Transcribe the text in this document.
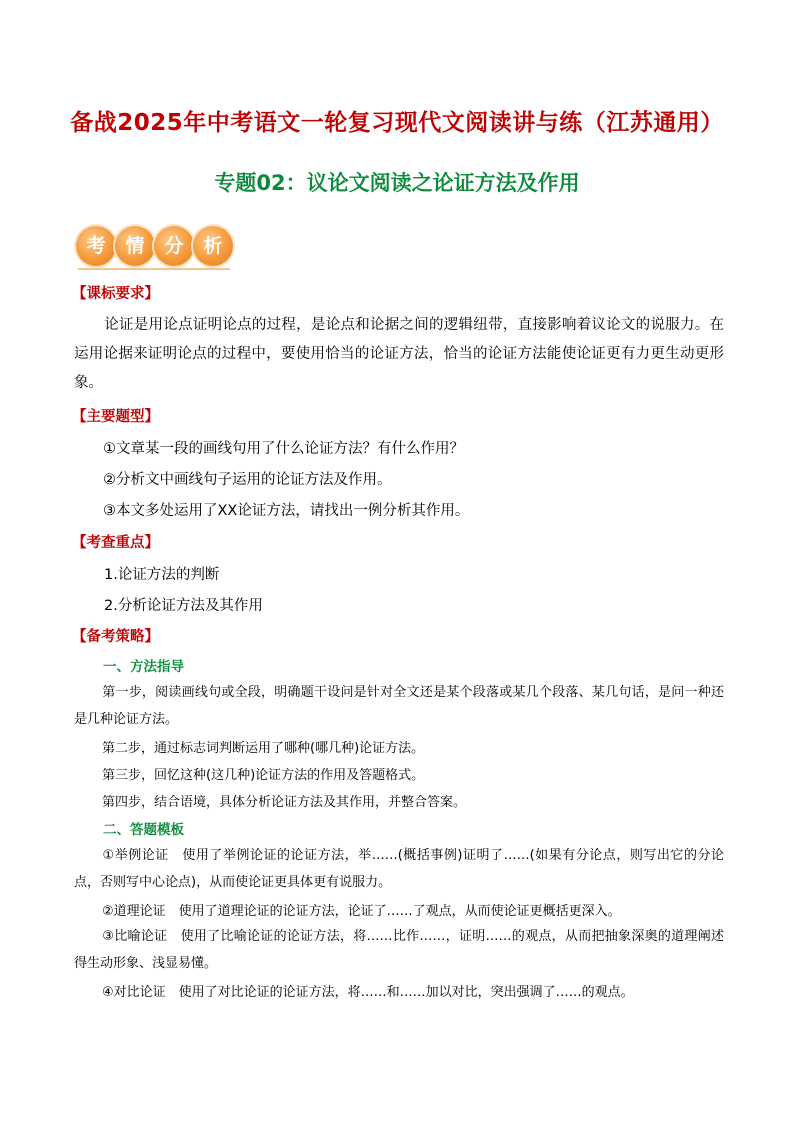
备战2025年中考语文一轮复习现代文阅读讲与练（江苏通用）
专题02：议论文阅读之论证方法及作用
考	情	分	析
【课标要求】
论证是用论点证明论点的过程，是论点和论据之间的逻辑纽带，直接影响着议论文的说服力。在运用论据来证明论点的过程中，要使用恰当的论证方法，恰当的论证方法能使论证更有力更生动更形象。
【主要题型】
①文章某一段的画线句用了什么论证方法？有什么作用？
②分析文中画线句子运用的论证方法及作用。
③本文多处运用了XX论证方法，请找出一例分析其作用。
【考查重点】
1.论证方法的判断
2.分析论证方法及其作用
【备考策略】
一、方法指导
第一步，阅读画线句或全段，明确题干设问是针对全文还是某个段落或某几个段落、某几句话，是问一种还是几种论证方法。
第二步，通过标志词判断运用了哪种(哪几种)论证方法。
第三步，回忆这种(这几种)论证方法的作用及答题格式。
第四步，结合语境，具体分析论证方法及其作用，并整合答案。
二、答题模板
①举例论证　使用了举例论证的论证方法，举……(概括事例)证明了……(如果有分论点，则写出它的分论点，否则写中心论点)，从而使论证更具体更有说服力。
②道理论证　使用了道理论证的论证方法，论证了……了观点，从而使论证更概括更深入。
③比喻论证　使用了比喻论证的论证方法，将……比作……，证明……的观点，从而把抽象深奥的道理阐述得生动形象、浅显易懂。
④对比论证　使用了对比论证的论证方法，将……和……加以对比，突出强调了……的观点。
